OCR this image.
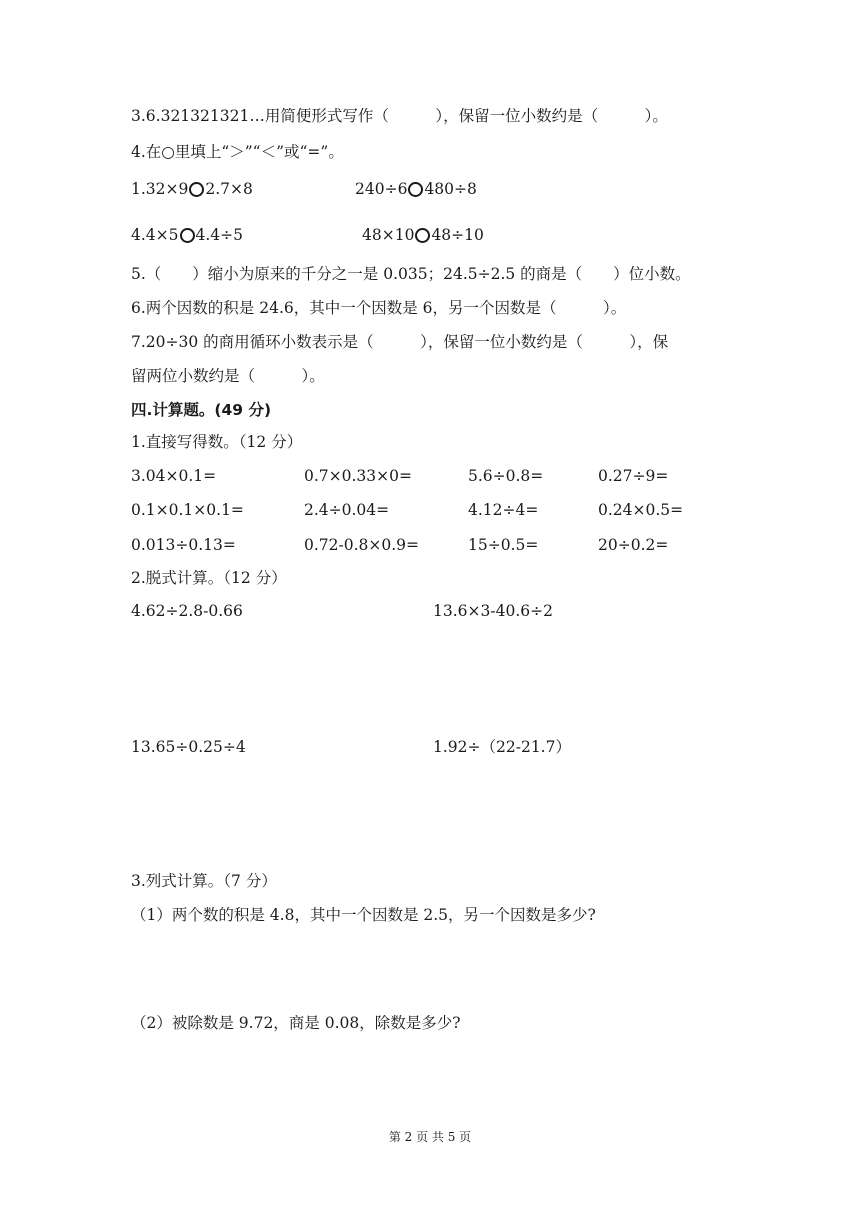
3.6.321321321…用简便形式写作（　　　），保留一位小数约是（　　　）。
4.在○里填上“＞”“＜”或“=”。
1.32×9 2.7×8	240÷6 480÷8
4.4×5 4.4÷5	48×10 48÷10
5.（　　）缩小为原来的千分之一是 0.035；24.5÷2.5 的商是（　　）位小数。
6.两个因数的积是 24.6，其中一个因数是 6，另一个因数是（　　　）。
7.20÷30 的商用循环小数表示是（　　　），保留一位小数约是（　　　），保
留两位小数约是（　　　）。
四.计算题。(49 分)
1.直接写得数。（12 分）
3.04×0.1=	0.7×0.33×0=	5.6÷0.8=	0.27÷9=
0.1×0.1×0.1=	2.4÷0.04=	4.12÷4=	0.24×0.5=
0.013÷0.13=	0.72-0.8×0.9=	15÷0.5=	20÷0.2=
2.脱式计算。（12 分）
4.62÷2.8-0.66	13.6×3-40.6÷2
13.65÷0.25÷4	1.92÷（22-21.7）
3.列式计算。（7 分）
（1）两个数的积是 4.8，其中一个因数是 2.5，另一个因数是多少?
（2）被除数是 9.72，商是 0.08，除数是多少?
第 2 页 共 5 页
